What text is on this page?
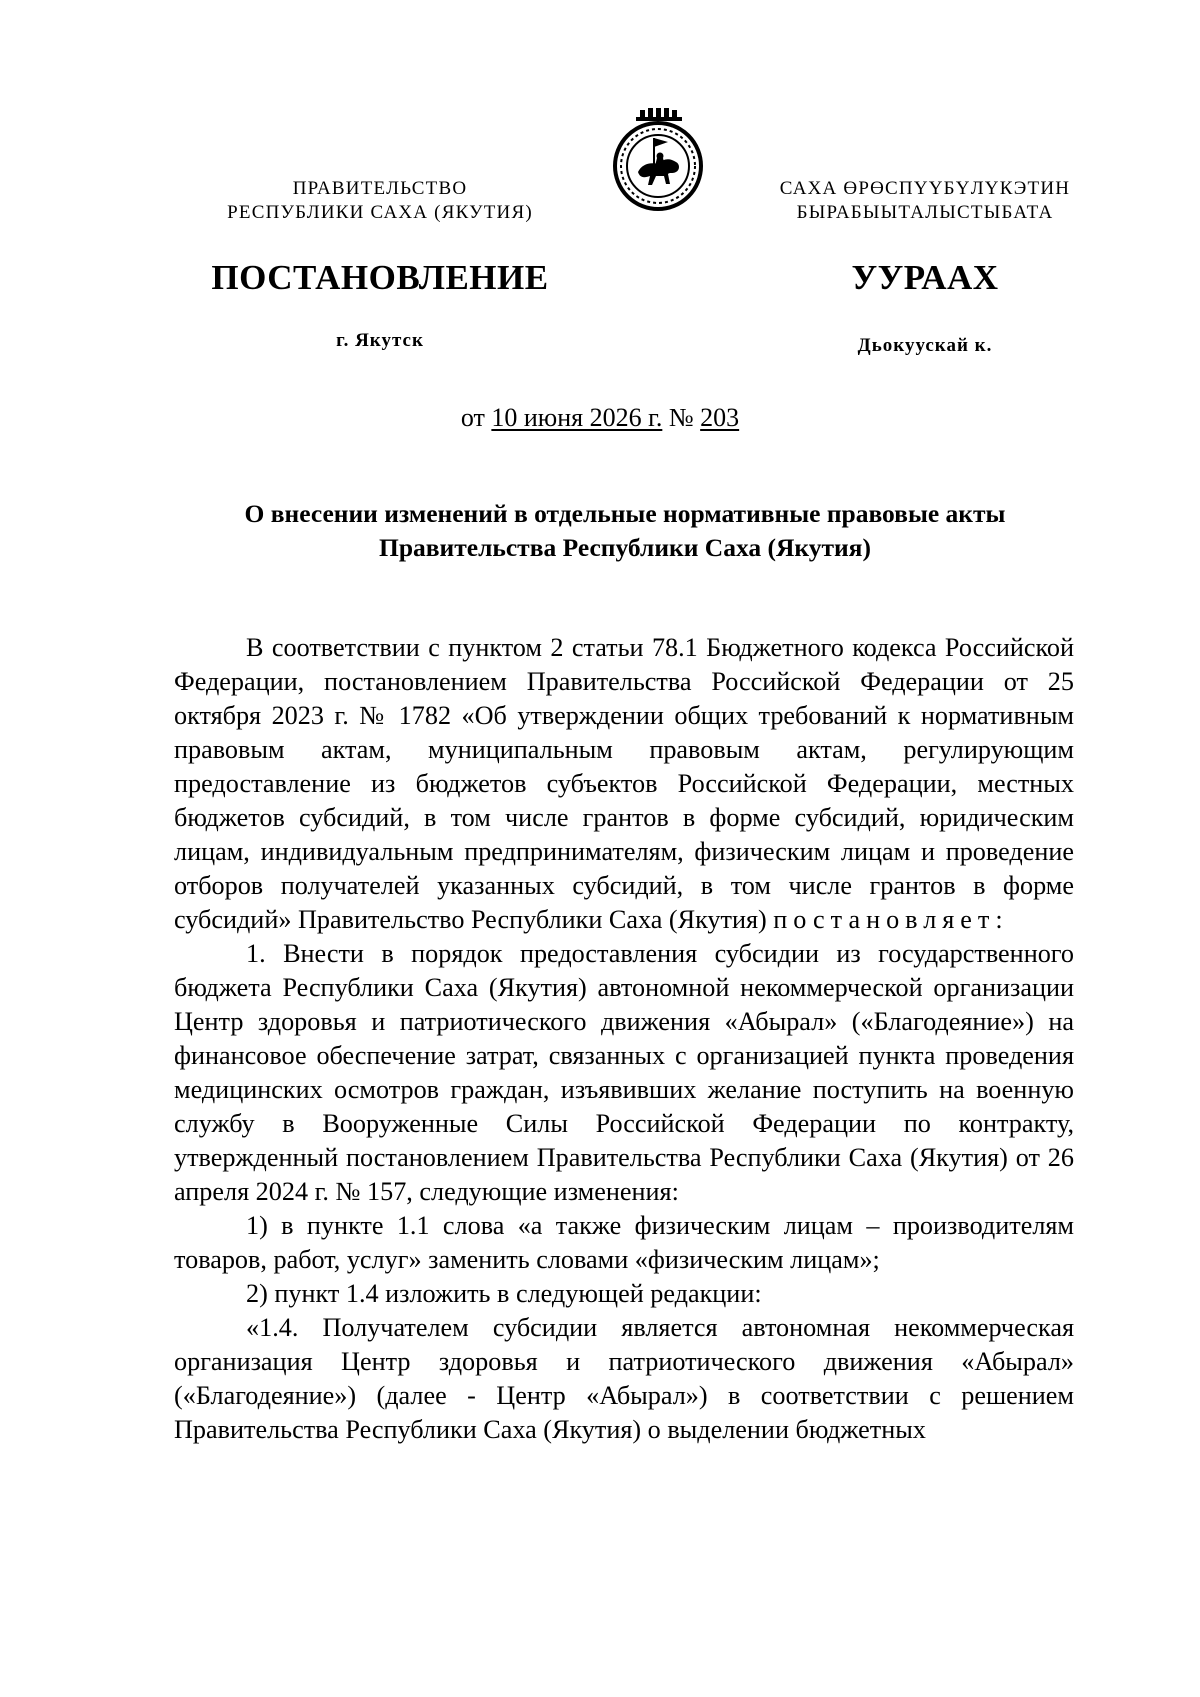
ПРАВИТЕЛЬСТВО
РЕСПУБЛИКИ САХА (ЯКУТИЯ)
САХА ӨРӨСПҮҮБҮЛҮКЭТИН
БЫРАБЫЫТАЛЫСТЫБАТА
ПОСТАНОВЛЕНИЕ	УУРААХ
г. Якутск	Дьокуускай к.
от 10 июня 2026 г. № 203
О внесении изменений в отдельные нормативные правовые акты
Правительства Республики Саха (Якутия)

В соответствии с пунктом 2 статьи 78.1 Бюджетного кодекса Российской Федерации, постановлением Правительства Российской Федерации от 25 октября 2023 г. № 1782 «Об утверждении общих требований к нормативным правовым актам, муниципальным правовым актам, регулирующим предоставление из бюджетов субъектов Российской Федерации, местных бюджетов субсидий, в том числе грантов в форме субсидий, юридическим лицам, индивидуальным предпринимателям, физическим лицам и проведение отборов получателей указанных субсидий, в том числе грантов в форме субсидий» Правительство Республики Саха (Якутия) постановляет:

1. Внести в порядок предоставления субсидии из государственного бюджета Республики Саха (Якутия) автономной некоммерческой организации Центр здоровья и патриотического движения «Абырал» («Благодеяние») на финансовое обеспечение затрат, связанных с организацией пункта проведения медицинских осмотров граждан, изъявивших желание поступить на военную службу в Вооруженные Силы Российской Федерации по контракту, утвержденный постановлением Правительства Республики Саха (Якутия) от 26 апреля 2024 г. № 157, следующие изменения:

1) в пункте 1.1 слова «а также физическим лицам – производителям товаров, работ, услуг» заменить словами «физическим лицам»;

2) пункт 1.4 изложить в следующей редакции:

«1.4. Получателем субсидии является автономная некоммерческая организация Центр здоровья и патриотического движения «Абырал» («Благодеяние») (далее - Центр «Абырал») в соответствии с решением Правительства Республики Саха (Якутия) о выделении бюджетных
